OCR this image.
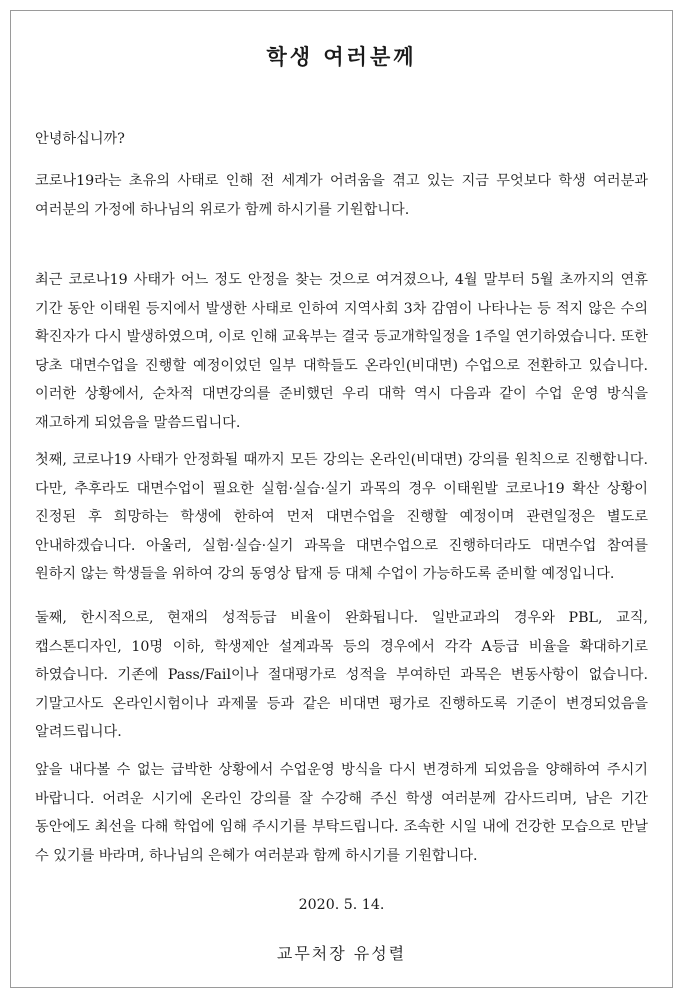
학생 여러분께
안녕하십니까?
코로나19라는 초유의 사태로 인해 전 세계가 어려움을 겪고 있는 지금 무엇보다 학생 여러분과 여러분의 가정에 하나님의 위로가 함께 하시기를 기원합니다.
최근 코로나19 사태가 어느 정도 안정을 찾는 것으로 여겨졌으나, 4월 말부터 5월 초까지의 연휴 기간 동안 이태원 등지에서 발생한 사태로 인하여 지역사회 3차 감염이 나타나는 등 적지 않은 수의 확진자가 다시 발생하였으며, 이로 인해 교육부는 결국 등교개학일정을 1주일 연기하였습니다. 또한 당초 대면수업을 진행할 예정이었던 일부 대학들도 온라인(비대면) 수업으로 전환하고 있습니다. 이러한 상황에서, 순차적 대면강의를 준비했던 우리 대학 역시 다음과 같이 수업 운영 방식을 재고하게 되었음을 말씀드립니다.
첫째, 코로나19 사태가 안정화될 때까지 모든 강의는 온라인(비대면) 강의를 원칙으로 진행합니다. 다만, 추후라도 대면수업이 필요한 실험·실습·실기 과목의 경우 이태원발 코로나19 확산 상황이 진정된 후 희망하는 학생에 한하여 먼저 대면수업을 진행할 예정이며 관련일정은 별도로 안내하겠습니다. 아울러, 실험·실습·실기 과목을 대면수업으로 진행하더라도 대면수업 참여를 원하지 않는 학생들을 위하여 강의 동영상 탑재 등 대체 수업이 가능하도록 준비할 예정입니다.
둘째, 한시적으로, 현재의 성적등급 비율이 완화됩니다. 일반교과의 경우와 PBL, 교직, 캡스톤디자인, 10명 이하, 학생제안 설계과목 등의 경우에서 각각 A등급 비율을 확대하기로 하였습니다. 기존에 Pass/Fail이나 절대평가로 성적을 부여하던 과목은 변동사항이 없습니다. 기말고사도 온라인시험이나 과제물 등과 같은 비대면 평가로 진행하도록 기준이 변경되었음을 알려드립니다.
앞을 내다볼 수 없는 급박한 상황에서 수업운영 방식을 다시 변경하게 되었음을 양해하여 주시기 바랍니다. 어려운 시기에 온라인 강의를 잘 수강해 주신 학생 여러분께 감사드리며, 남은 기간 동안에도 최선을 다해 학업에 임해 주시기를 부탁드립니다. 조속한 시일 내에 건강한 모습으로 만날 수 있기를 바라며, 하나님의 은혜가 여러분과 함께 하시기를 기원합니다.
2020. 5. 14.
교무처장 유성렬
